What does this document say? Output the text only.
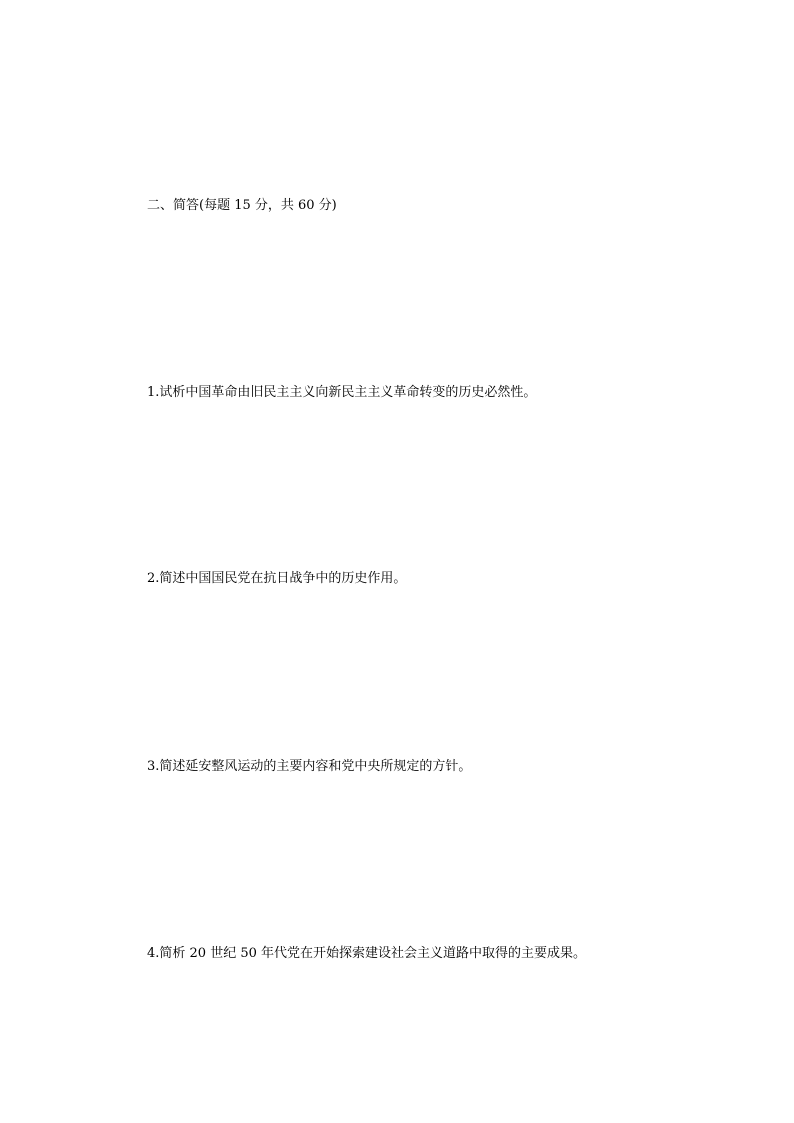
二、简答(每题 15 分，共 60 分)
1.试析中国革命由旧民主主义向新民主主义革命转变的历史必然性。
2.简述中国国民党在抗日战争中的历史作用。
3.简述延安整风运动的主要内容和党中央所规定的方针。
4.简析 20 世纪 50 年代党在开始探索建设社会主义道路中取得的主要成果。
